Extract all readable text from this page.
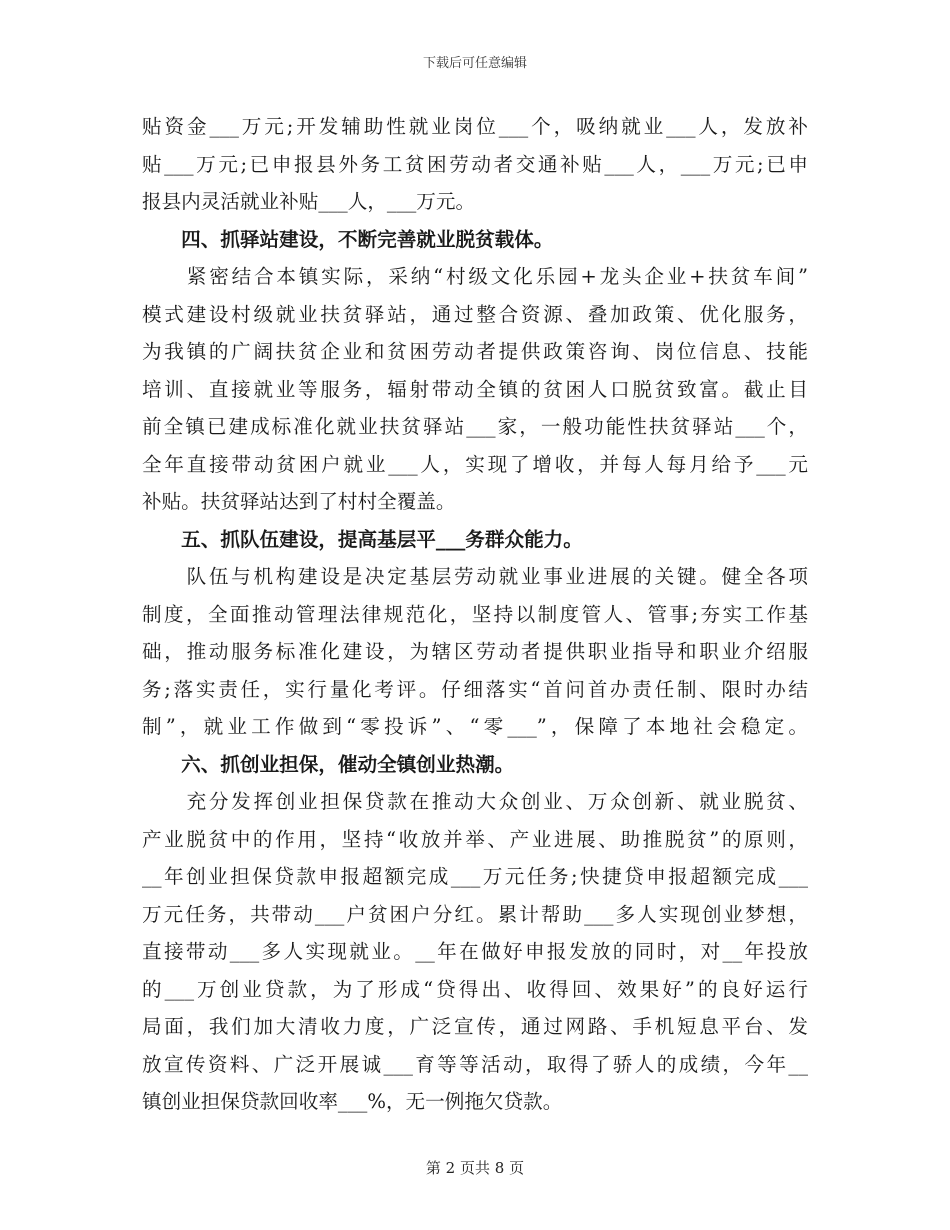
下载后可任意编辑
贴资金___万元;开发辅助性就业岗位___个，吸纳就业___人，发放补
贴___万元;已申报县外务工贫困劳动者交通补贴___人，___万元;已申
报县内灵活就业补贴___人，___万元。
　　四、抓驿站建设，不断完善就业脱贫载体。
　　紧密结合本镇实际，采纳“村级文化乐园+龙头企业+扶贫车间”
模式建设村级就业扶贫驿站，通过整合资源、叠加政策、优化服务，
为我镇的广阔扶贫企业和贫困劳动者提供政策咨询、岗位信息、技能
培训、直接就业等服务，辐射带动全镇的贫困人口脱贫致富。截止目
前全镇已建成标准化就业扶贫驿站___家，一般功能性扶贫驿站___个，
全年直接带动贫困户就业___人，实现了增收，并每人每月给予___元
补贴。扶贫驿站达到了村村全覆盖。
　　五、抓队伍建设，提高基层平___务群众能力。
　　队伍与机构建设是决定基层劳动就业事业进展的关键。健全各项
制度，全面推动管理法律规范化，坚持以制度管人、管事;夯实工作基
础，推动服务标准化建设，为辖区劳动者提供职业指导和职业介绍服
务;落实责任，实行量化考评。仔细落实“首问首办责任制、限时办结
制”，就业工作做到“零投诉”、“零___”，保障了本地社会稳定。
　　六、抓创业担保，催动全镇创业热潮。
　　充分发挥创业担保贷款在推动大众创业、万众创新、就业脱贫、
产业脱贫中的作用，坚持“收放并举、产业进展、助推脱贫”的原则，
__年创业担保贷款申报超额完成___万元任务;快捷贷申报超额完成___
万元任务，共带动___户贫困户分红。累计帮助___多人实现创业梦想，
直接带动___多人实现就业。__年在做好申报发放的同时，对__年投放
的___万创业贷款，为了形成“贷得出、收得回、效果好”的良好运行
局面，我们加大清收力度，广泛宣传，通过网路、手机短息平台、发
放宣传资料、广泛开展诚___育等等活动，取得了骄人的成绩，今年__
镇创业担保贷款回收率___%，无一例拖欠贷款。
第 2 页共 8 页
